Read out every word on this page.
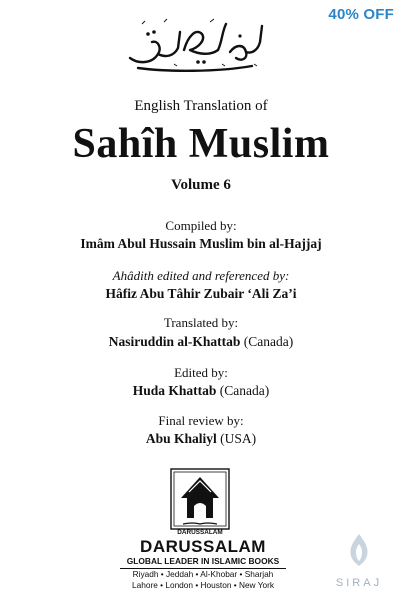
40% OFF
English Translation of
Sahîh Muslim
Volume 6
Compiled by:
Imâm Abul Hussain Muslim bin al-Hajjaj
Ahâdith edited and referenced by:
Hâfiz Abu Tâhir Zubair ‘Ali Za’i
Translated by:
Nasiruddin al-Khattab (Canada)
Edited by:
Huda Khattab (Canada)
Final review by:
Abu Khaliyl (USA)
DARUSSALAM
DARUSSALAM
GLOBAL LEADER IN ISLAMIC BOOKS
Riyadh • Jeddah • Al-Khobar • Sharjah
Lahore • London • Houston • New York	SIRAJ
